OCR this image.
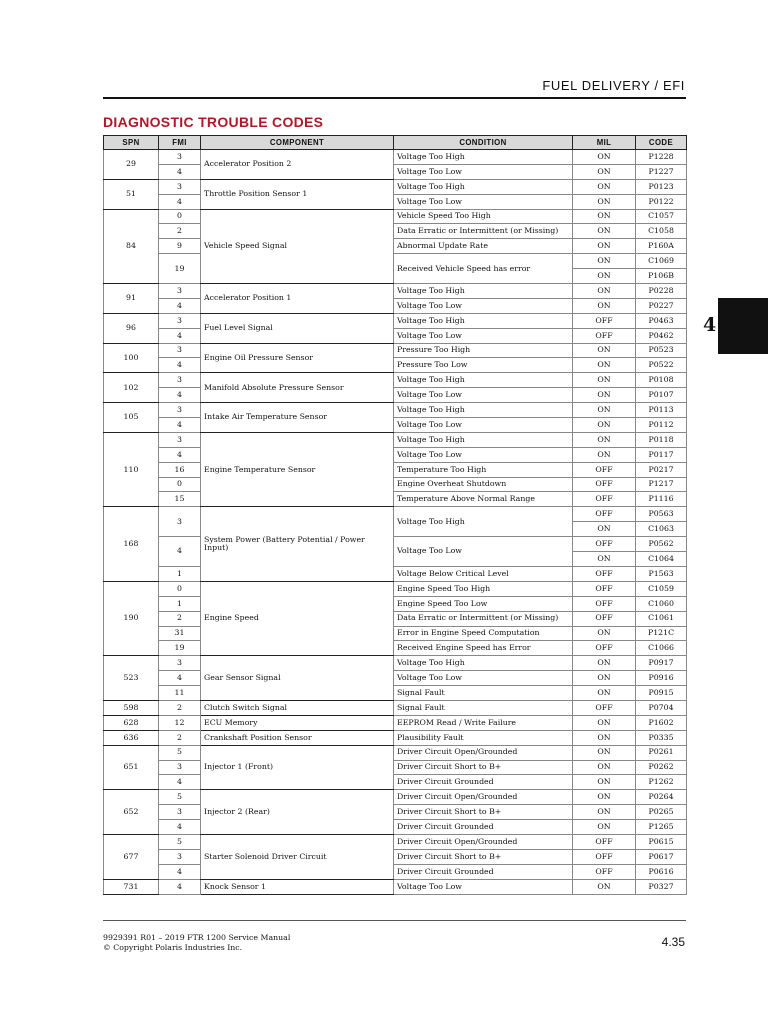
FUEL DELIVERY / EFI
DIAGNOSTIC TROUBLE CODES
4
SPN	FMI	COMPONENT	CONDITION	MIL	CODE
29	3	Accelerator Position 2	Voltage Too High	ON	P1228
	4		Voltage Too Low	ON	P1227
51	3	Throttle Position Sensor 1	Voltage Too High	ON	P0123
	4		Voltage Too Low	ON	P0122
84	0	Vehicle Speed Signal	Vehicle Speed Too High	ON	C1057
	2		Data Erratic or Intermittent (or Missing)	ON	C1058
	9		Abnormal Update Rate	ON	P160A
	19		Received Vehicle Speed has error	ON	C1069
				ON	P106B
91	3	Accelerator Position 1	Voltage Too High	ON	P0228
	4		Voltage Too Low	ON	P0227
96	3	Fuel Level Signal	Voltage Too High	OFF	P0463
	4		Voltage Too Low	OFF	P0462
100	3	Engine Oil Pressure Sensor	Pressure Too High	ON	P0523
	4		Pressure Too Low	ON	P0522
102	3	Manifold Absolute Pressure Sensor	Voltage Too High	ON	P0108
	4		Voltage Too Low	ON	P0107
105	3	Intake Air Temperature Sensor	Voltage Too High	ON	P0113
	4		Voltage Too Low	ON	P0112
110	3	Engine Temperature Sensor	Voltage Too High	ON	P0118
	4		Voltage Too Low	ON	P0117
	16		Temperature Too High	OFF	P0217
	0		Engine Overheat Shutdown	OFF	P1217
	15		Temperature Above Normal Range	OFF	P1116
168	3	System Power (Battery Potential / Power Input)	Voltage Too High	OFF	P0563
				ON	C1063
	4		Voltage Too Low	OFF	P0562
				ON	C1064
	1		Voltage Below Critical Level	OFF	P1563
190	0	Engine Speed	Engine Speed Too High	OFF	C1059
	1		Engine Speed Too Low	OFF	C1060
	2		Data Erratic or Intermittent (or Missing)	OFF	C1061
	31		Error in Engine Speed Computation	ON	P121C
	19		Received Engine Speed has Error	OFF	C1066
523	3	Gear Sensor Signal	Voltage Too High	ON	P0917
	4		Voltage Too Low	ON	P0916
	11		Signal Fault	ON	P0915
598	2	Clutch Switch Signal	Signal Fault	OFF	P0704
628	12	ECU Memory	EEPROM Read / Write Failure	ON	P1602
636	2	Crankshaft Position Sensor	Plausibility Fault	ON	P0335
651	5	Injector 1 (Front)	Driver Circuit Open/Grounded	ON	P0261
	3		Driver Circuit Short to B+	ON	P0262
	4		Driver Circuit Grounded	ON	P1262
652	5	Injector 2 (Rear)	Driver Circuit Open/Grounded	ON	P0264
	3		Driver Circuit Short to B+	ON	P0265
	4		Driver Circuit Grounded	ON	P1265
677	5	Starter Solenoid Driver Circuit	Driver Circuit Open/Grounded	OFF	P0615
	3		Driver Circuit Short to B+	OFF	P0617
	4		Driver Circuit Grounded	OFF	P0616
731	4	Knock Sensor 1	Voltage Too Low	ON	P0327
9929391 R01 – 2019 FTR 1200 Service Manual
© Copyright Polaris Industries Inc.	4.35
